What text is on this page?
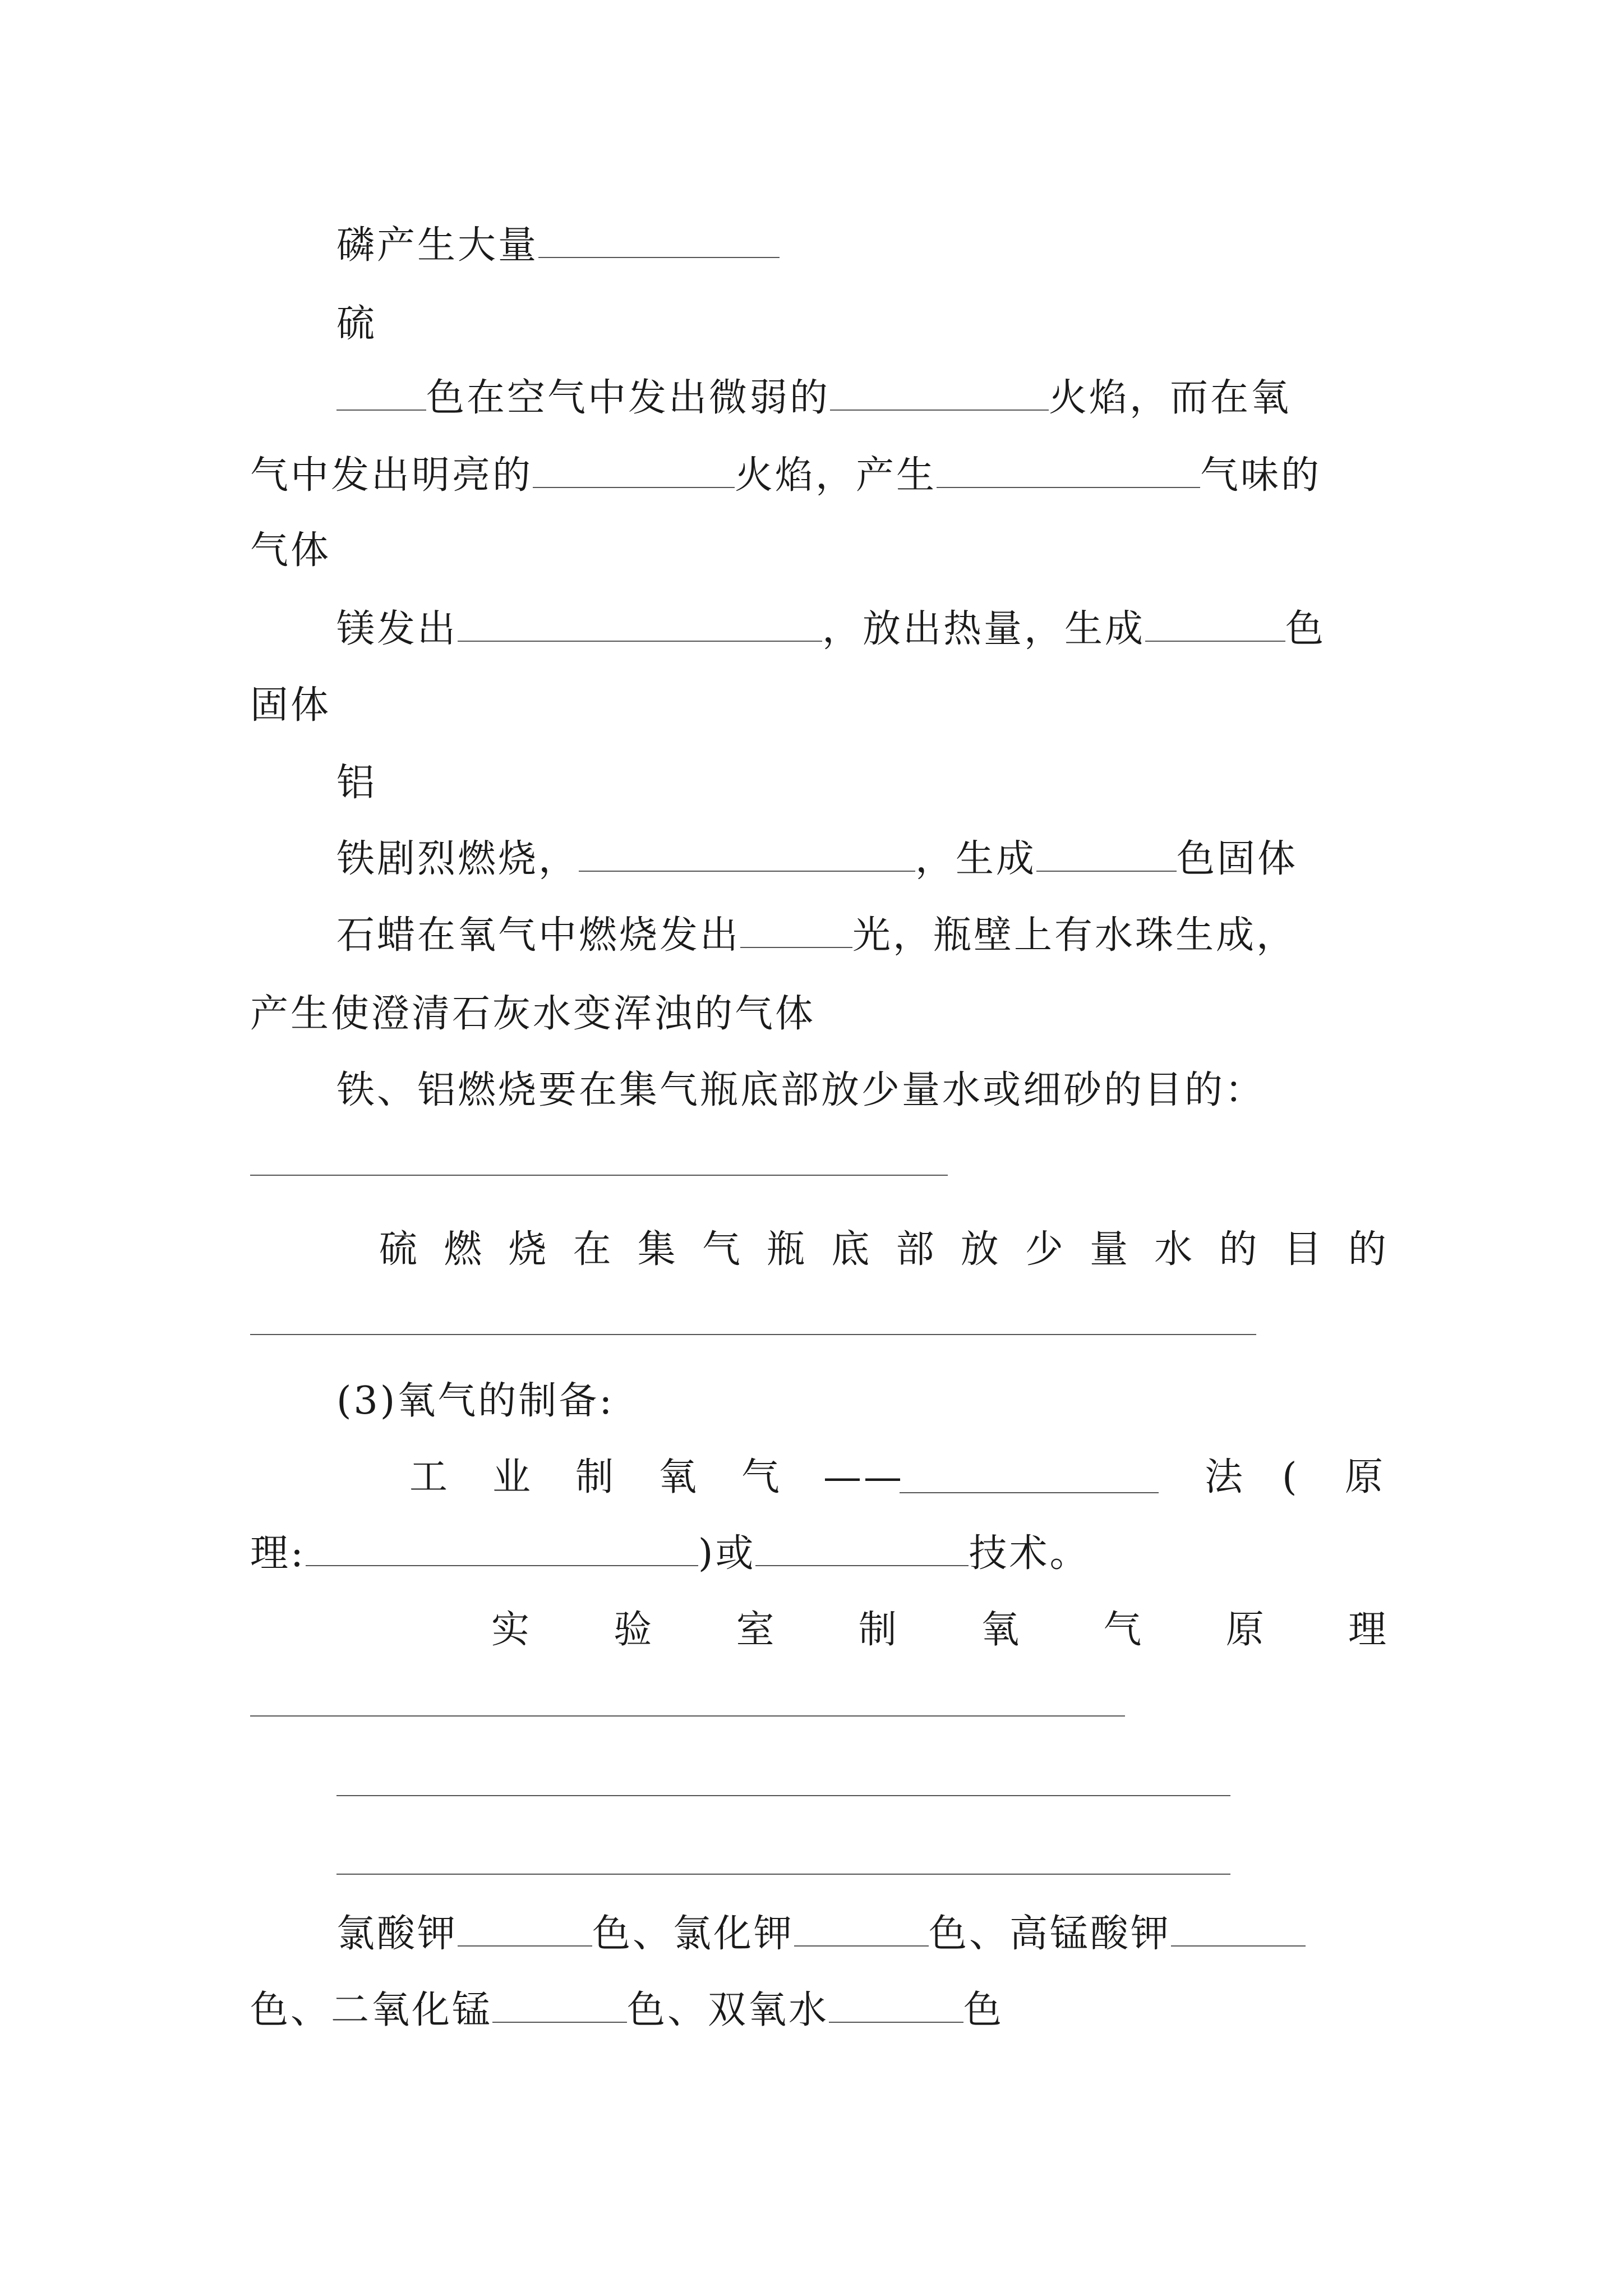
磷产生大量
硫
色在空气中发出微弱的	火焰，而在氧
气中发出明亮的	火焰，产生	气味的
气体
镁发出	，放出热量，生成	色
固体
铝
铁剧烈燃烧，	，生成	色固体
石蜡在氧气中燃烧发出	光，瓶壁上有水珠生成，
产生使澄清石灰水变浑浊的气体
铁、铝燃烧要在集气瓶底部放少量水或细砂的目的：
硫 燃 烧 在 集 气 瓶 底 部 放 少 量 水 的 目 的
(3)氧气的制备:
工 业 制 氧 气 ——	法 ( 原
理:	)或	技术。
实 验 室 制 氧 气 原 理
氯酸钾	色、氯化钾	色、高锰酸钾
色、二氧化锰	色、双氧水	色
